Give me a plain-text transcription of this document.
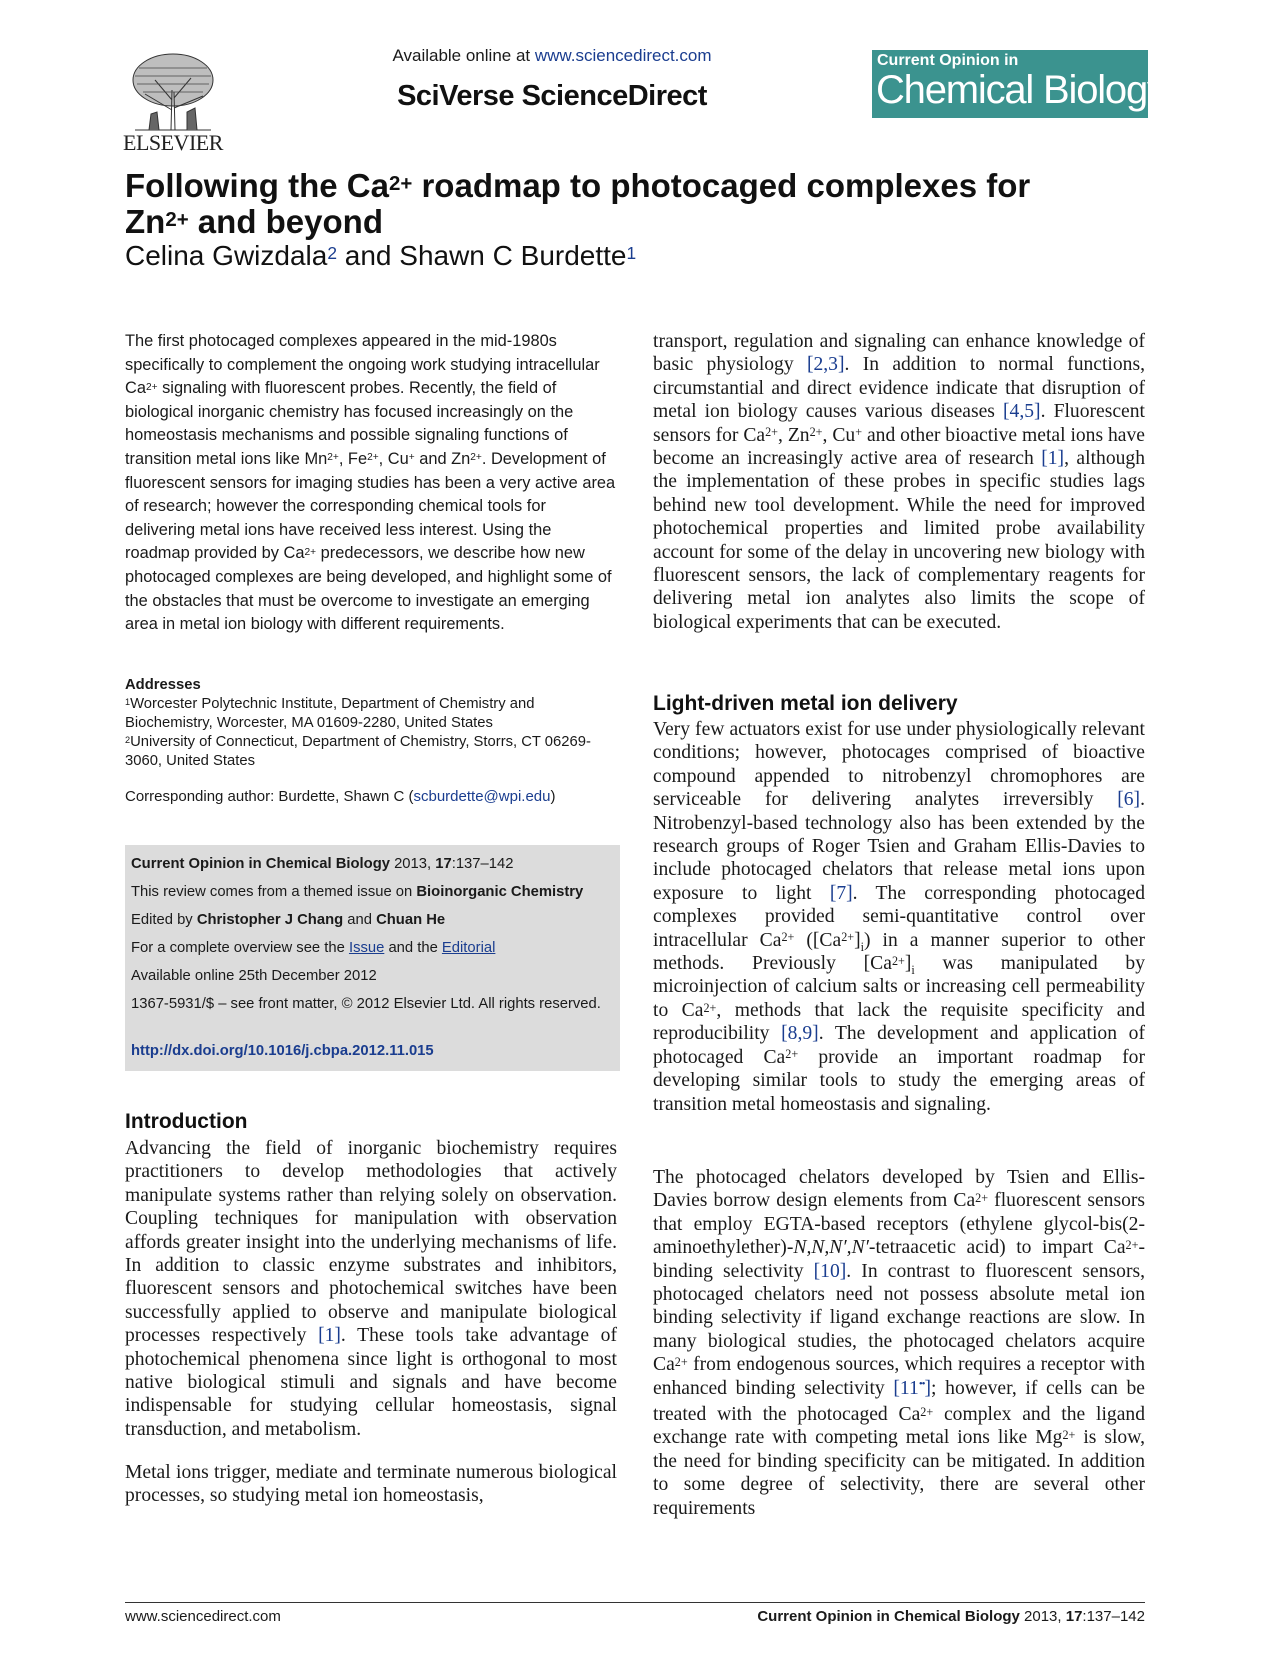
ELSEVIER
Available online at www.sciencedirect.com
SciVerse ScienceDirect
Current Opinion in
Chemical Biology
Following the $Ca^{2+}$ roadmap to photocaged complexes for
$Zn^{2+}$ and beyond
Celina Gwizdala$^2$ and Shawn C Burdette$^1$

The first photocaged complexes appeared in the mid-1980s specifically to complement the ongoing work studying intracellular $Ca^{2+}$ signaling with fluorescent probes. Recently, the field of biological inorganic chemistry has focused increasingly on the homeostasis mechanisms and possible signaling functions of transition metal ions like $Mn^{2+}$, $Fe^{2+}$, Cu+ and $Zn^{2+}$. Development of fluorescent sensors for imaging studies has been a very active area of research; however the corresponding chemical tools for delivering metal ions have received less interest. Using the roadmap provided by $Ca^{2+}$ predecessors, we describe how new photocaged complexes are being developed, and highlight some of the obstacles that must be overcome to investigate an emerging area in metal ion biology with different requirements.

Addresses
$^1$Worcester Polytechnic Institute, Department of Chemistry and Biochemistry, Worcester, MA 01609-2280, United States
$^2$University of Connecticut, Department of Chemistry, Storrs, CT 06269-3060, United States
Corresponding author: Burdette, Shawn C (scburdette@wpi.edu)
Current Opinion in Chemical Biology 2013, 17:137–142
This review comes from a themed issue on Bioinorganic Chemistry
Edited by Christopher J Chang and Chuan He
For a complete overview see the Issue and the Editorial
Available online 25th December 2012
1367-5931/$ – see front matter, © 2012 Elsevier Ltd. All rights reserved.
http://dx.doi.org/10.1016/j.cbpa.2012.11.015
Introduction

Advancing the field of inorganic biochemistry requires practitioners to develop methodologies that actively manipulate systems rather than relying solely on observation. Coupling techniques for manipulation with observation affords greater insight into the underlying mechanisms of life. In addition to classic enzyme substrates and inhibitors, fluorescent sensors and photochemical switches have been successfully applied to observe and manipulate biological processes respectively [1]. These tools take advantage of photochemical phenomena since light is orthogonal to most native biological stimuli and signals and have become indispensable for studying cellular homeostasis, signal transduction, and metabolism.

Metal ions trigger, mediate and terminate numerous biological processes, so studying metal ion homeostasis,

transport, regulation and signaling can enhance knowledge of basic physiology [2,3]. In addition to normal functions, circumstantial and direct evidence indicate that disruption of metal ion biology causes various diseases [4,5]. Fluorescent sensors for $Ca^{2+}$, $Zn^{2+}$, Cu+ and other bioactive metal ions have become an increasingly active area of research [1], although the implementation of these probes in specific studies lags behind new tool development. While the need for improved photochemical properties and limited probe availability account for some of the delay in uncovering new biology with fluorescent sensors, the lack of complementary reagents for delivering metal ion analytes also limits the scope of biological experiments that can be executed.

Light-driven metal ion delivery

Very few actuators exist for use under physiologically relevant conditions; however, photocages comprised of bioactive compound appended to nitrobenzyl chromophores are serviceable for delivering analytes irreversibly [6]. Nitrobenzyl-based technology also has been extended by the research groups of Roger Tsien and Graham Ellis-Davies to include photocaged chelators that release metal ions upon exposure to light [7]. The corresponding photocaged complexes provided semi-quantitative control over intracellular $Ca^{2+}$ $([Ca^{2+}]_i)$ in a manner superior to other methods. Previously $[Ca^{2+}]_i$ was manipulated by microinjection of calcium salts or increasing cell permeability to $Ca^{2+}$, methods that lack the requisite specificity and reproducibility [8,9]. The development and application of photocaged $Ca^{2+}$ provide an important roadmap for developing similar tools to study the emerging areas of transition metal homeostasis and signaling.

The photocaged chelators developed by Tsien and Ellis-Davies borrow design elements from $Ca^{2+}$ fluorescent sensors that employ EGTA-based receptors (ethylene glycol-bis(2-aminoethylether)-N,N,N′,N′-tetraacetic acid) to impart $Ca^{2+}$-binding selectivity [10]. In contrast to fluorescent sensors, photocaged chelators need not possess absolute metal ion binding selectivity if ligand exchange reactions are slow. In many biological studies, the photocaged chelators acquire $Ca^{2+}$ from endogenous sources, which requires a receptor with enhanced binding selectivity [11••]; however, if cells can be treated with the photocaged $Ca^{2+}$ complex and the ligand exchange rate with competing metal ions like $Mg^{2+}$ is slow, the need for binding specificity can be mitigated. In addition to some degree of selectivity, there are several other requirements

www.sciencedirect.com	Current Opinion in Chemical Biology 2013, 17:137–142
